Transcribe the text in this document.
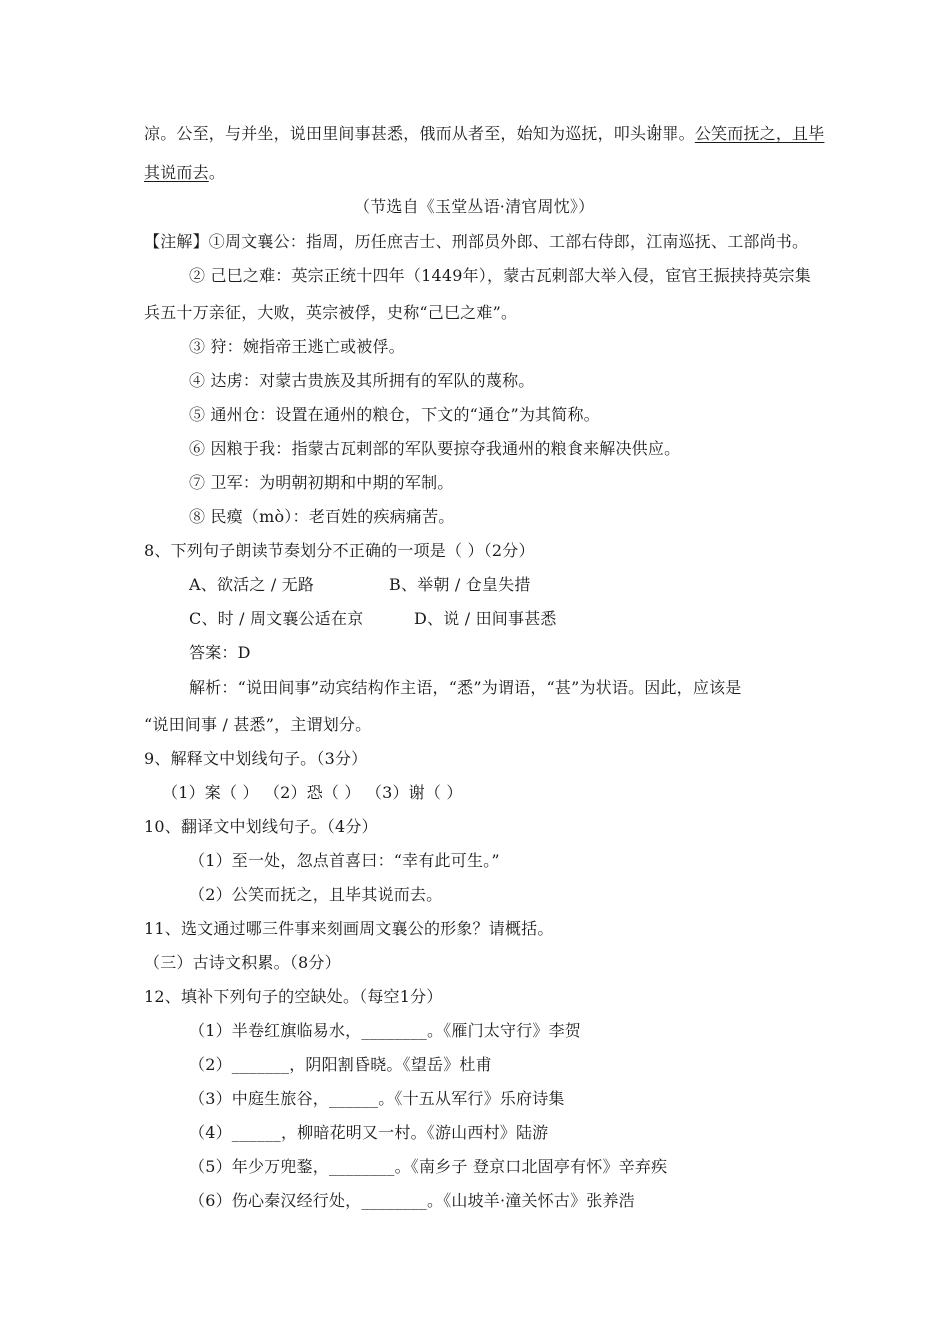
凉。公至，与并坐，说田里间事甚悉，俄而从者至，始知为巡抚，叩头谢罪。公笑而抚之，且毕
其说而去。
（节选自《玉堂丛语·清官周忱》）
【注解】①周文襄公：指周，历任庶吉士、刑部员外郎、工部右侍郎，江南巡抚、工部尚书。
② 己巳之难：英宗正统十四年（1449年），蒙古瓦剌部大举入侵，宦官王振挟持英宗集
兵五十万亲征，大败，英宗被俘，史称“己巳之难”。
③ 狩：婉指帝王逃亡或被俘。
④ 达虏：对蒙古贵族及其所拥有的军队的蔑称。
⑤ 通州仓：设置在通州的粮仓，下文的“通仓”为其简称。
⑥ 因粮于我：指蒙古瓦剌部的军队要掠夺我通州的粮食来解决供应。
⑦ 卫军：为明朝初期和中期的军制。
⑧ 民瘼（mò）：老百姓的疾病痛苦。
8、下列句子朗读节奏划分不正确的一项是（ ）（2分）
A、欲活之 / 无路	B、举朝 / 仓皇失措
C、时 / 周文襄公适在京	D、说 / 田间事甚悉
答案：D
解析：“说田间事”动宾结构作主语，“悉”为谓语，“甚”为状语。因此，应该是
“说田间事 / 甚悉”，主谓划分。
9、解释文中划线句子。（3分）
（1）案（ ） （2）恐（ ） （3）谢（ ）
10、翻译文中划线句子。（4分）
（1）至一处，忽点首喜曰：“幸有此可生。”
（2）公笑而抚之，且毕其说而去。
11、选文通过哪三件事来刻画周文襄公的形象？请概括。
（三）古诗文积累。（8分）
12、填补下列句子的空缺处。（每空1分）
（1）半卷红旗临易水，________。《雁门太守行》李贺
（2）_______，阴阳割昏晓。《望岳》杜甫
（3）中庭生旅谷，______。《十五从军行》乐府诗集
（4）______，柳暗花明又一村。《游山西村》陆游
（5）年少万兜鍪，________。《南乡子 登京口北固亭有怀》辛弃疾
（6）伤心秦汉经行处，________。《山坡羊·潼关怀古》张养浩
